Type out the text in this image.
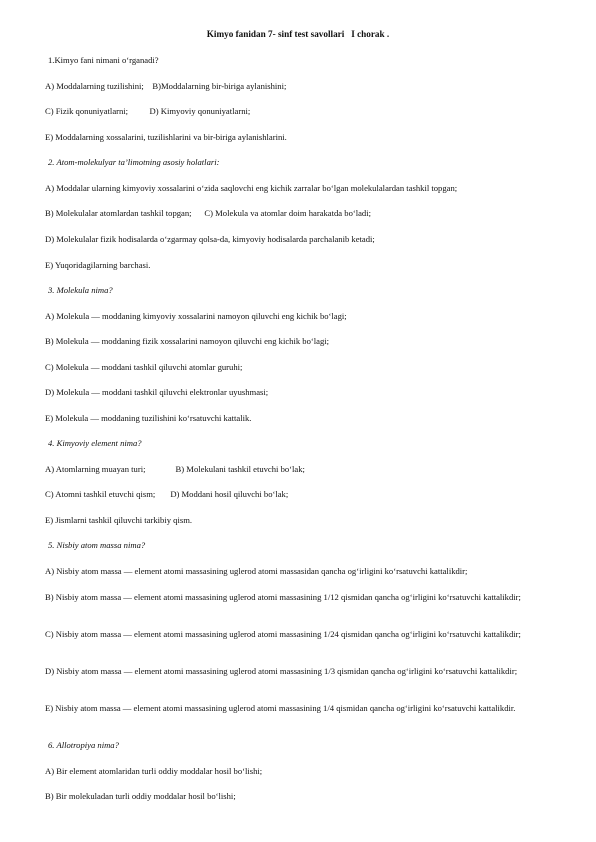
Kimyo fanidan 7- sinf test savollari   I chorak .
1.Kimyo fani nimani o‘rganadi?
A) Moddalarning tuzilishini;    B)Moddalarning bir-biriga aylanishini;
C) Fizik qonuniyatlarni;          D) Kimyoviy qonuniyatlarni;
E) Moddalarning xossalarini, tuzilishlarini va bir-biriga aylanishlarini.
2. Atom-molekulyar ta’limotning asosiy holatlari:
A) Moddalar ularning kimyoviy xossalarini o‘zida saqlovchi eng kichik zarralar bo‘lgan molekulalardan tashkil topgan;
B) Molekulalar atomlardan tashkil topgan;      C) Molekula va atomlar doim harakatda bo‘ladi;
D) Molekulalar fizik hodisalarda o‘zgarmay qolsa-da, kimyoviy hodisalarda parchalanib ketadi;
E) Yuqoridagilarning barchasi.
3. Molekula nima?
A) Molekula — moddaning kimyoviy xossalarini namoyon qiluvchi eng kichik bo‘lagi;
B) Molekula — moddaning fizik xossalarini namoyon qiluvchi eng kichik bo‘lagi;
C) Molekula — moddani tashkil qiluvchi atomlar guruhi;
D) Molekula — moddani tashkil qiluvchi elektronlar uyushmasi;
E) Molekula — moddaning tuzilishini ko‘rsatuvchi kattalik.
4. Kimyoviy element nima?
A) Atomlarning muayan turi;              B) Molekulani tashkil etuvchi bo‘lak;
C) Atomni tashkil etuvchi qism;       D) Moddani hosil qiluvchi bo‘lak;
E) Jismlarni tashkil qiluvchi tarkibiy qism.
5. Nisbiy atom massa nima?
A) Nisbiy atom massa — element atomi massasining uglerod atomi massasidan qancha og‘irligini ko‘rsatuvchi kattalikdir;
B) Nisbiy atom massa — element atomi massasining uglerod atomi massasining 1/12 qismidan qancha og‘irligini ko‘rsatuvchi kattalikdir;
C) Nisbiy atom massa — element atomi massasining uglerod atomi massasining 1/24 qismidan qancha og‘irligini ko‘rsatuvchi kattalikdir;
D) Nisbiy atom massa — element atomi massasining uglerod atomi massasining 1/3 qismidan qancha og‘irligini ko‘rsatuvchi kattalikdir;
E) Nisbiy atom massa — element atomi massasining uglerod atomi massasining 1/4 qismidan qancha og‘irligini ko‘rsatuvchi kattalikdir.
6. Allotropiya nima?
A) Bir element atomlaridan turli oddiy moddalar hosil bo‘lishi;
B) Bir molekuladan turli oddiy moddalar hosil bo‘lishi;
